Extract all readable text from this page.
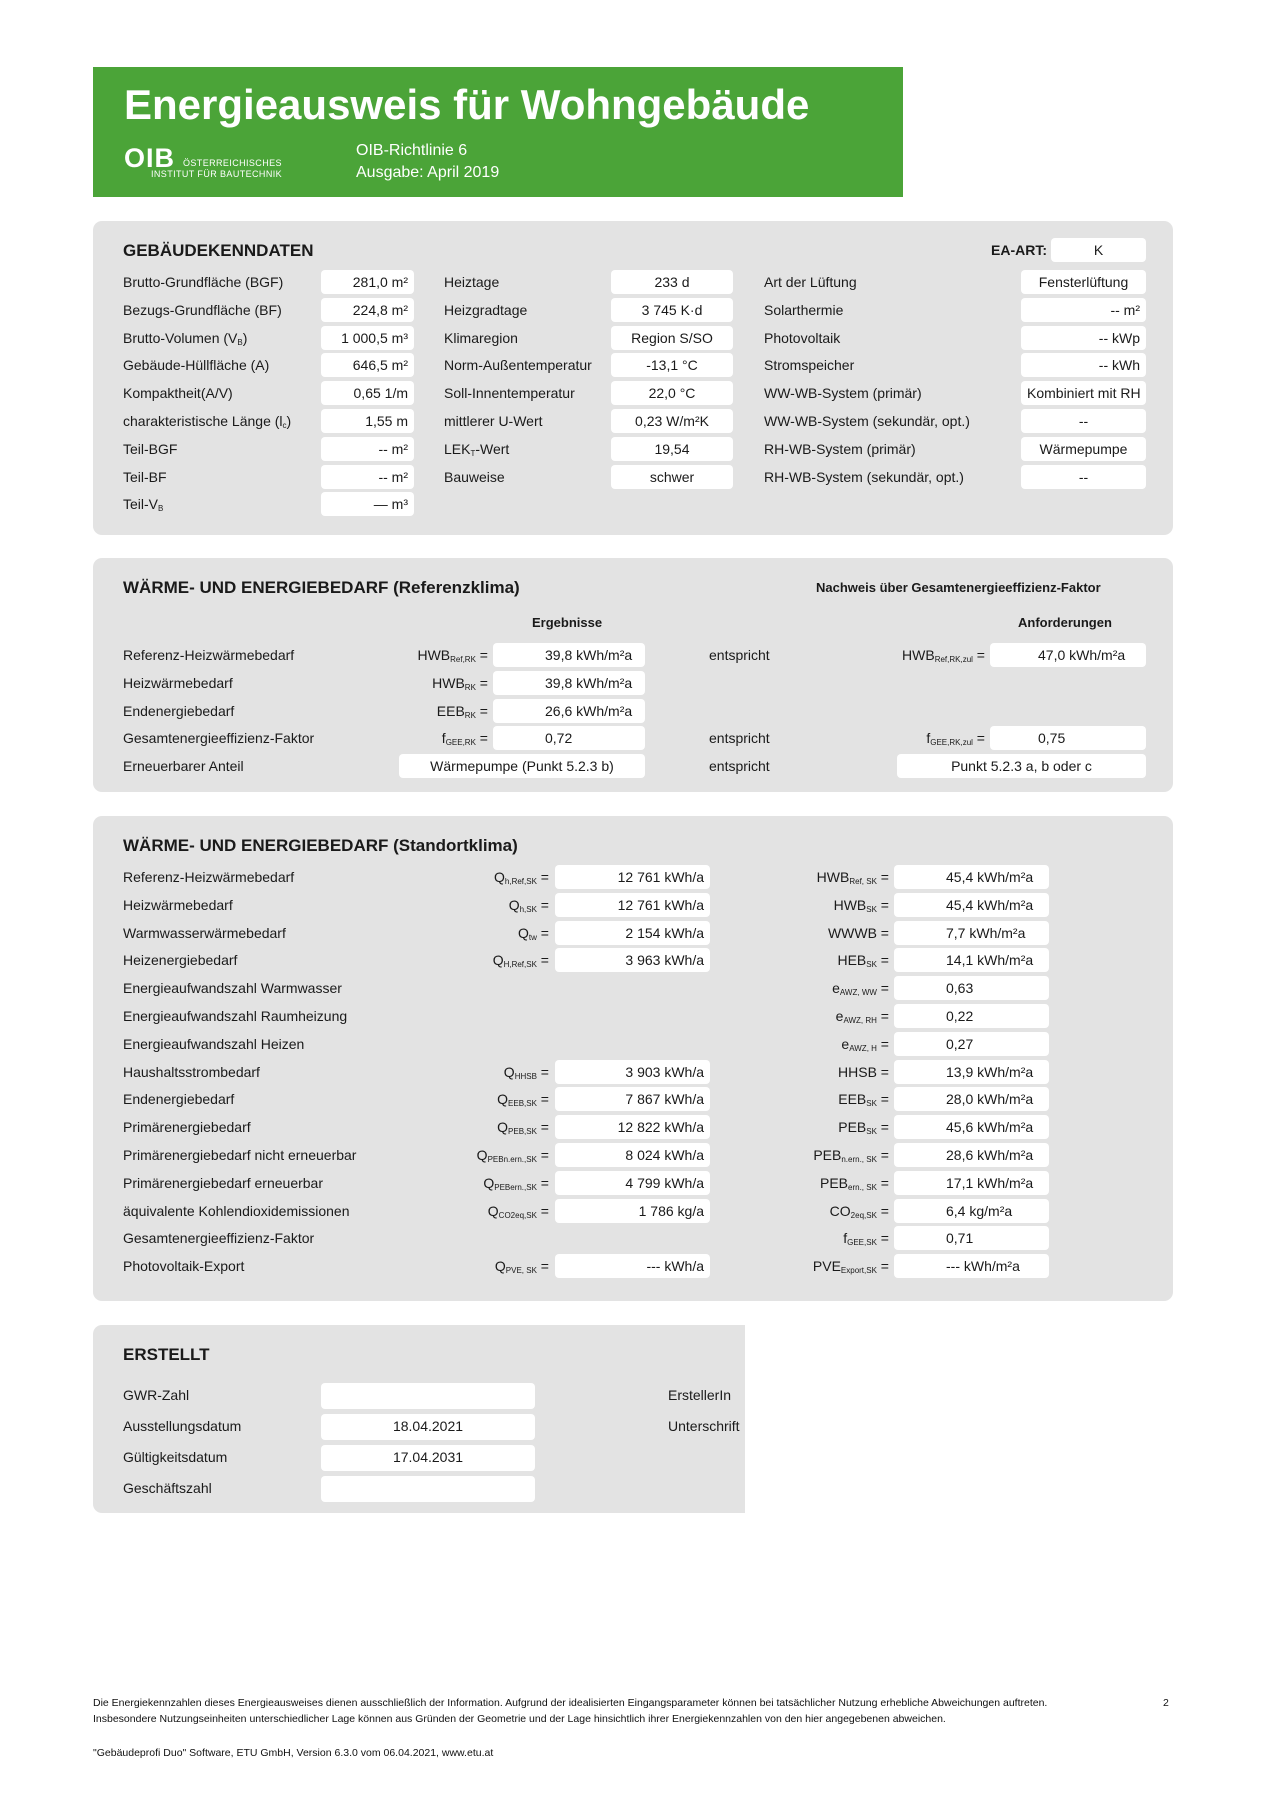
Energieausweis für Wohngebäude
OIB ÖSTERREICHISCHES
INSTITUT FÜR BAUTECHNIK
OIB-Richtlinie 6
Ausgabe: April 2019
GEBÄUDEKENNDATEN	EA-ART:	K
Brutto-Grundfläche (BGF)	281,0 m²
Bezugs-Grundfläche (BF)	224,8 m²
Brutto-Volumen $(V_B)$	1 000,5 m³
Gebäude-Hüllfläche (A)	646,5 m²
Kompaktheit(A/V)	0,65 1/m
charakteristische Länge $(l_c)$	1,55 m
Teil-BGF	-- m²
Teil-BF	-- m²
Teil-$V_B$	— m³
Heiztage	233 d
Heizgradtage	3 745 K·d
Klimaregion	Region S/SO
Norm-Außentemperatur	-13,1 °C
Soll-Innentemperatur	22,0 °C
mittlerer U-Wert	0,23 W/m²K
$LEK_T$-Wert	19,54
Bauweise	schwer
Art der Lüftung	Fensterlüftung
Solarthermie	-- m²
Photovoltaik	-- kWp
Stromspeicher	-- kWh
WW-WB-System (primär)	Kombiniert mit RH
WW-WB-System (sekundär, opt.)	--
RH-WB-System (primär)	Wärmepumpe
RH-WB-System (sekundär, opt.)	--
WÄRME- UND ENERGIEBEDARF (Referenzklima)	Nachweis über Gesamtenergieeffizienz-Faktor
Ergebnisse	Anforderungen
Referenz-Heizwärmebedarf	$HWB_{Ref,RK}$ =	39,8 kWh/m²a	entspricht	$HWB_{Ref,RK,zul}$ =	47,0 kWh/m²a
Heizwärmebedarf	$HWB_{RK}$ =	39,8 kWh/m²a
Endenergiebedarf	$EEB_{RK}$ =	26,6 kWh/m²a
Gesamtenergieeffizienz-Faktor	$f_{GEE,RK}$ =	0,72	entspricht	$f_{GEE,RK,zul}$ =	0,75
Erneuerbarer Anteil	Wärmepumpe (Punkt 5.2.3 b)	entspricht	Punkt 5.2.3 a, b oder c
WÄRME- UND ENERGIEBEDARF (Standortklima)
Referenz-Heizwärmebedarf	$Q_{h,Ref,SK}$ =	12 761 kWh/a	$HWB_{Ref, SK}$ =	45,4 kWh/m²a
Heizwärmebedarf	$Q_{h,SK}$ =	12 761 kWh/a	$HWB_{SK}$ =	45,4 kWh/m²a
Warmwasserwärmebedarf	$Q_{tw}$ =	2 154 kWh/a	WWWB =	7,7 kWh/m²a
Heizenergiebedarf	$Q_{H,Ref,SK}$ =	3 963 kWh/a	$HEB_{SK}$ =	14,1 kWh/m²a
Energieaufwandszahl Warmwasser	$e_{AWZ, WW}$ =	0,63
Energieaufwandszahl Raumheizung	$e_{AWZ, RH}$ =	0,22
Energieaufwandszahl Heizen	$e_{AWZ, H}$ =	0,27
Haushaltsstrombedarf	$Q_{HHSB}$ =	3 903 kWh/a	HHSB =	13,9 kWh/m²a
Endenergiebedarf	$Q_{EEB,SK}$ =	7 867 kWh/a	$EEB_{SK}$ =	28,0 kWh/m²a
Primärenergiebedarf	$Q_{PEB,SK}$ =	12 822 kWh/a	$PEB_{SK}$ =	45,6 kWh/m²a
Primärenergiebedarf nicht erneuerbar	$Q_{PEBn.ern.,SK}$ =	8 024 kWh/a	$PEB_{n.ern., SK}$ =	28,6 kWh/m²a
Primärenergiebedarf erneuerbar	$Q_{PEBern.,SK}$ =	4 799 kWh/a	$PEB_{ern., SK}$ =	17,1 kWh/m²a
äquivalente Kohlendioxidemissionen	$Q_{CO2eq,SK}$ =	1 786 kg/a	$CO_{2eq,SK}$ =	6,4 kg/m²a
Gesamtenergieeffizienz-Faktor	$f_{GEE,SK}$ =	0,71
Photovoltaik-Export	$Q_{PVE, SK}$ =	--- kWh/a	$PVE_{Export,SK}$ =	--- kWh/m²a
ERSTELLT
GWR-Zahl
Ausstellungsdatum	18.04.2021
Gültigkeitsdatum	17.04.2031
Geschäftszahl
ErstellerIn
Unterschrift
Die Energiekennzahlen dieses Energieausweises dienen ausschließlich der Information. Aufgrund der idealisierten Eingangsparameter können bei tatsächlicher Nutzung erhebliche Abweichungen auftreten.	2
Insbesondere Nutzungseinheiten unterschiedlicher Lage können aus Gründen der Geometrie und der Lage hinsichtlich ihrer Energiekennzahlen von den hier angegebenen abweichen.
"Gebäudeprofi Duo" Software, ETU GmbH, Version 6.3.0 vom 06.04.2021, www.etu.at
